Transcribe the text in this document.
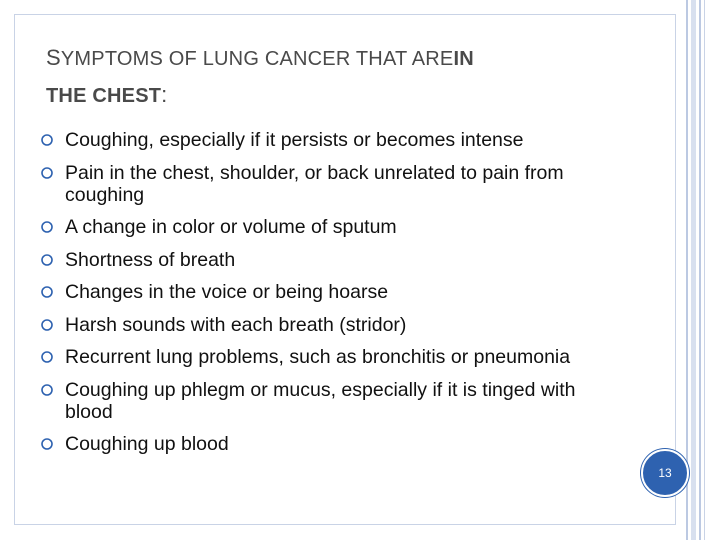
SYMPTOMS OF LUNG CANCER THAT AREIN
THE CHEST:
Coughing, especially if it persists or becomes intense
Pain in the chest, shoulder, or back unrelated to pain from coughing
A change in color or volume of sputum
Shortness of breath
Changes in the voice or being hoarse
Harsh sounds with each breath (stridor)
Recurrent lung problems, such as bronchitis or pneumonia
Coughing up phlegm or mucus, especially if it is tinged with blood
Coughing up blood
13
